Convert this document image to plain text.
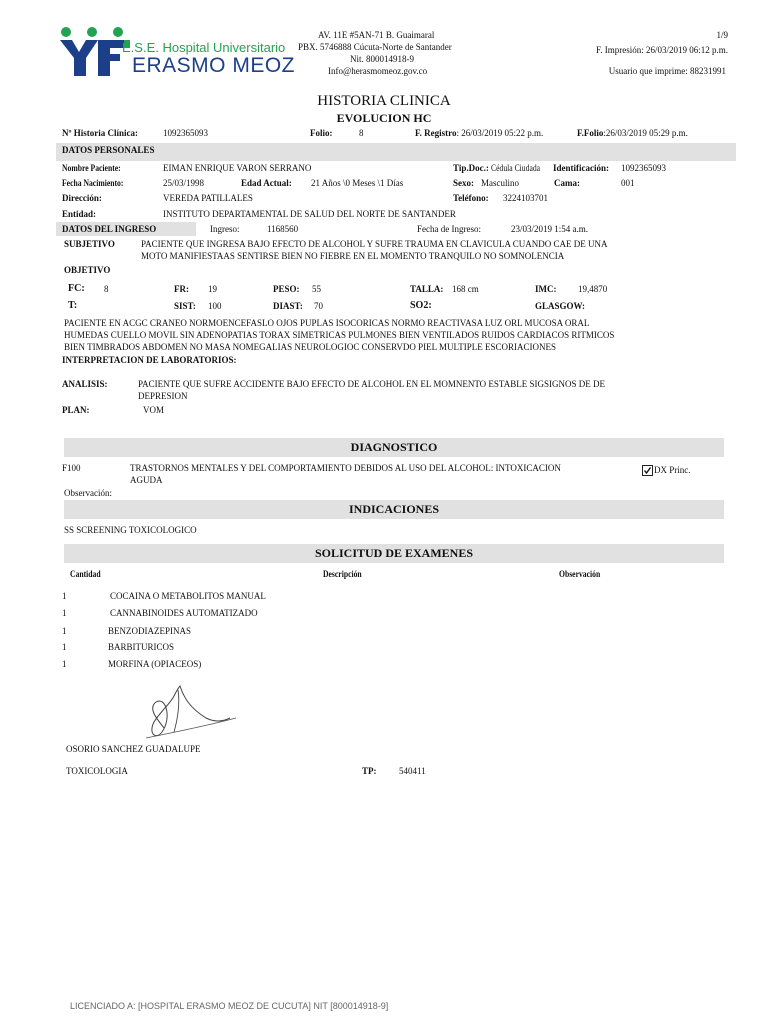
E.S.E. Hospital Universitario
ERASMO MEOZ
AV. 11E #5AN-71 B. Guaimaral
PBX. 5746888 Cúcuta-Norte de Santander
Nit. 800014918-9
Info@herasmomeoz.gov.co
1/9
F. Impresión: 26/03/2019 06:12 p.m.
Usuario que imprime: 88231991
HISTORIA CLINICA
EVOLUCION HC
Nº Historia Clínica:	1092365093	Folio:	8	F. Registro: 26/03/2019 05:22 p.m.	F.Folio:26/03/2019 05:29 p.m.
DATOS PERSONALES
Nombre Paciente:	EIMAN ENRIQUE VARON SERRANO	Tip.Doc.: Cédula Ciudada	Identificación: 1092365093
Fecha Nacimiento:	25/03/1998	Edad Actual: 21 Años \0 Meses \1 Días	Sexo: Masculino	Cama:	001
Dirección:	VEREDA PATILLALES	Teléfono: 3224103701
Entidad:	INSTITUTO DEPARTAMENTAL DE SALUD DEL NORTE DE SANTANDER
DATOS DEL INGRESO	Ingreso:	1168560	Fecha de Ingreso:	23/03/2019 1:54 a.m.
SUBJETIVO	PACIENTE QUE INGRESA BAJO EFECTO DE ALCOHOL Y SUFRE TRAUMA EN CLAVICULA CUANDO CAE DE UNA
MOTO MANIFIESTAAS SENTIRSE BIEN NO FIEBRE EN EL MOMENTO TRANQUILO NO SOMNOLENCIA
OBJETIVO
FC: 8	FR: 19	PESO: 55	TALLA: 168 cm	IMC: 19,4870
T:	SIST: 100	DIAST: 70	SO2:	GLASGOW:
PACIENTE EN ACGC CRANEO NORMOENCEFASLO OJOS PUPLAS ISOCORICAS NORMO REACTIVASA LUZ ORL MUCOSA ORAL
HUMEDAS CUELLO MOVIL SIN ADENOPATIAS TORAX SIMETRICAS PULMONES BIEN VENTILADOS RUIDOS CARDIACOS RITMICOS
BIEN TIMBRADOS ABDOMEN NO MASA NOMEGALIAS NEUROLOGIOC CONSERVDO PIEL MULTIPLE ESCORIACIONES
INTERPRETACION DE LABORATORIOS:
ANALISIS:	PACIENTE QUE SUFRE ACCIDENTE BAJO EFECTO DE ALCOHOL EN EL MOMNENTO ESTABLE SIGSIGNOS DE DE
DEPRESION
PLAN:	VOM
DIAGNOSTICO
F100	TRASTORNOS MENTALES Y DEL COMPORTAMIENTO DEBIDOS AL USO DEL ALCOHOL: INTOXICACION
AGUDA
DX Princ.
Observación:
INDICACIONES
SS SCREENING TOXICOLOGICO
SOLICITUD DE EXAMENES
Cantidad	Descripción	Observación
1	COCAINA O METABOLITOS MANUAL
1	CANNABINOIDES AUTOMATIZADO
1	BENZODIAZEPINAS
1	BARBITURICOS
1	MORFINA (OPIACEOS)
OSORIO SANCHEZ GUADALUPE
TOXICOLOGIA	TP:	540411
LICENCIADO A: [HOSPITAL ERASMO MEOZ DE CUCUTA] NIT [800014918-9]
